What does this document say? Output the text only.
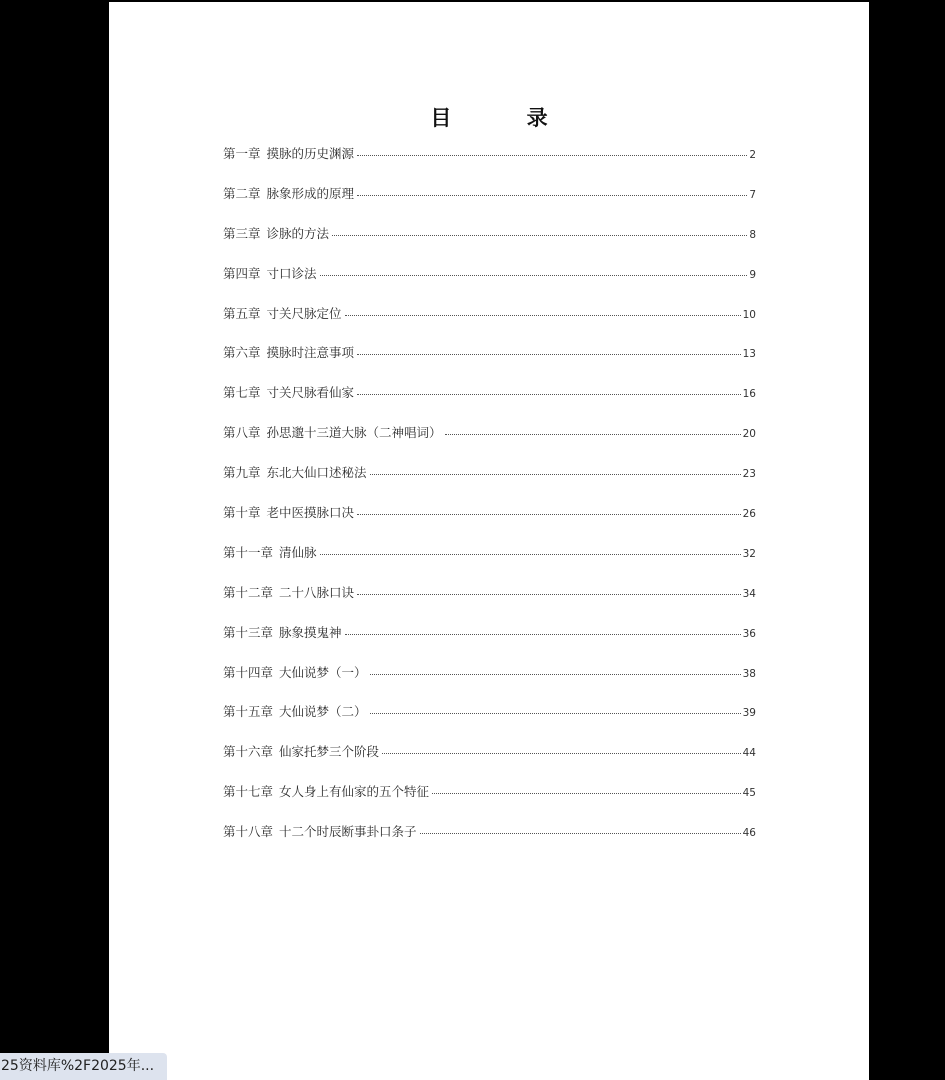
目 录
第一章 摸脉的历史渊源	2
第二章 脉象形成的原理	7
第三章 诊脉的方法	8
第四章 寸口诊法	9
第五章 寸关尺脉定位	10
第六章 摸脉时注意事项	13
第七章 寸关尺脉看仙家	16
第八章 孙思邈十三道大脉（二神唱词）	20
第九章 东北大仙口述秘法	23
第十章 老中医摸脉口决	26
第十一章 清仙脉	32
第十二章 二十八脉口诀	34
第十三章 脉象摸鬼神	36
第十四章 大仙说梦（一）	38
第十五章 大仙说梦（二）	39
第十六章 仙家托梦三个阶段	44
第十七章 女人身上有仙家的五个特征	45
第十八章 十二个时辰断事卦口条子	46
25资料库%2F2025年...
